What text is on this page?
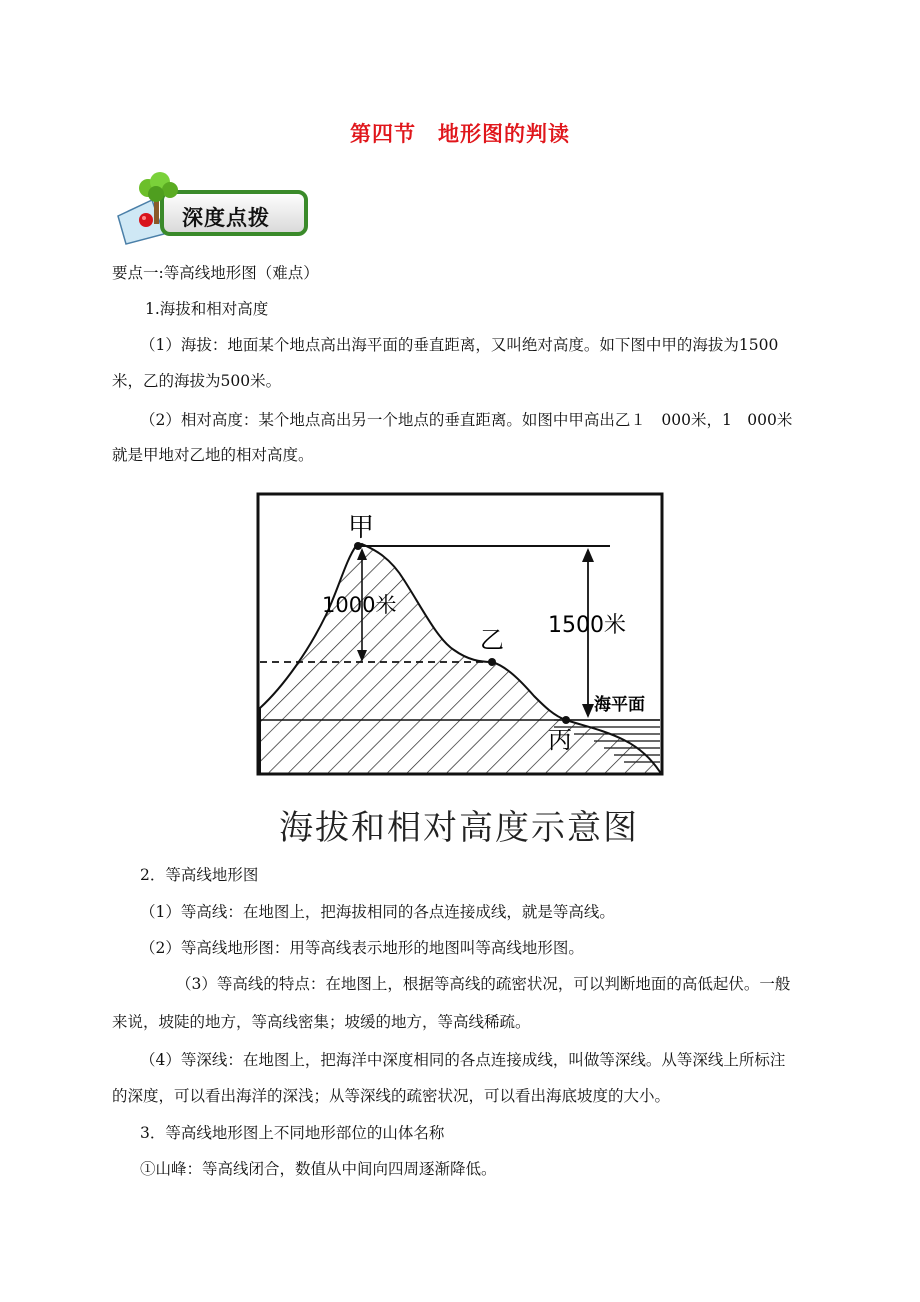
第四节　地形图的判读
深度点拨
要点一:等高线地形图（难点）
1.海拔和相对高度
（1）海拔：地面某个地点高出海平面的垂直距离，又叫绝对高度。如下图中甲的海拔为1500
米，乙的海拔为500米。
（2）相对高度：某个地点高出另一个地点的垂直距离。如图中甲高出乙１　000米，1　000米
就是甲地对乙地的相对高度。
甲
乙
丙
1000米
1500米
海平面
海拔和相对高度示意图
2．等高线地形图
（1）等高线：在地图上，把海拔相同的各点连接成线，就是等高线。
（2）等高线地形图：用等高线表示地形的地图叫等高线地形图。
（3）等高线的特点：在地图上，根据等高线的疏密状况，可以判断地面的高低起伏。一般
来说，坡陡的地方，等高线密集；坡缓的地方，等高线稀疏。
（4）等深线：在地图上，把海洋中深度相同的各点连接成线，叫做等深线。从等深线上所标注
的深度，可以看出海洋的深浅；从等深线的疏密状况，可以看出海底坡度的大小。
3．等高线地形图上不同地形部位的山体名称
①山峰：等高线闭合，数值从中间向四周逐渐降低。
